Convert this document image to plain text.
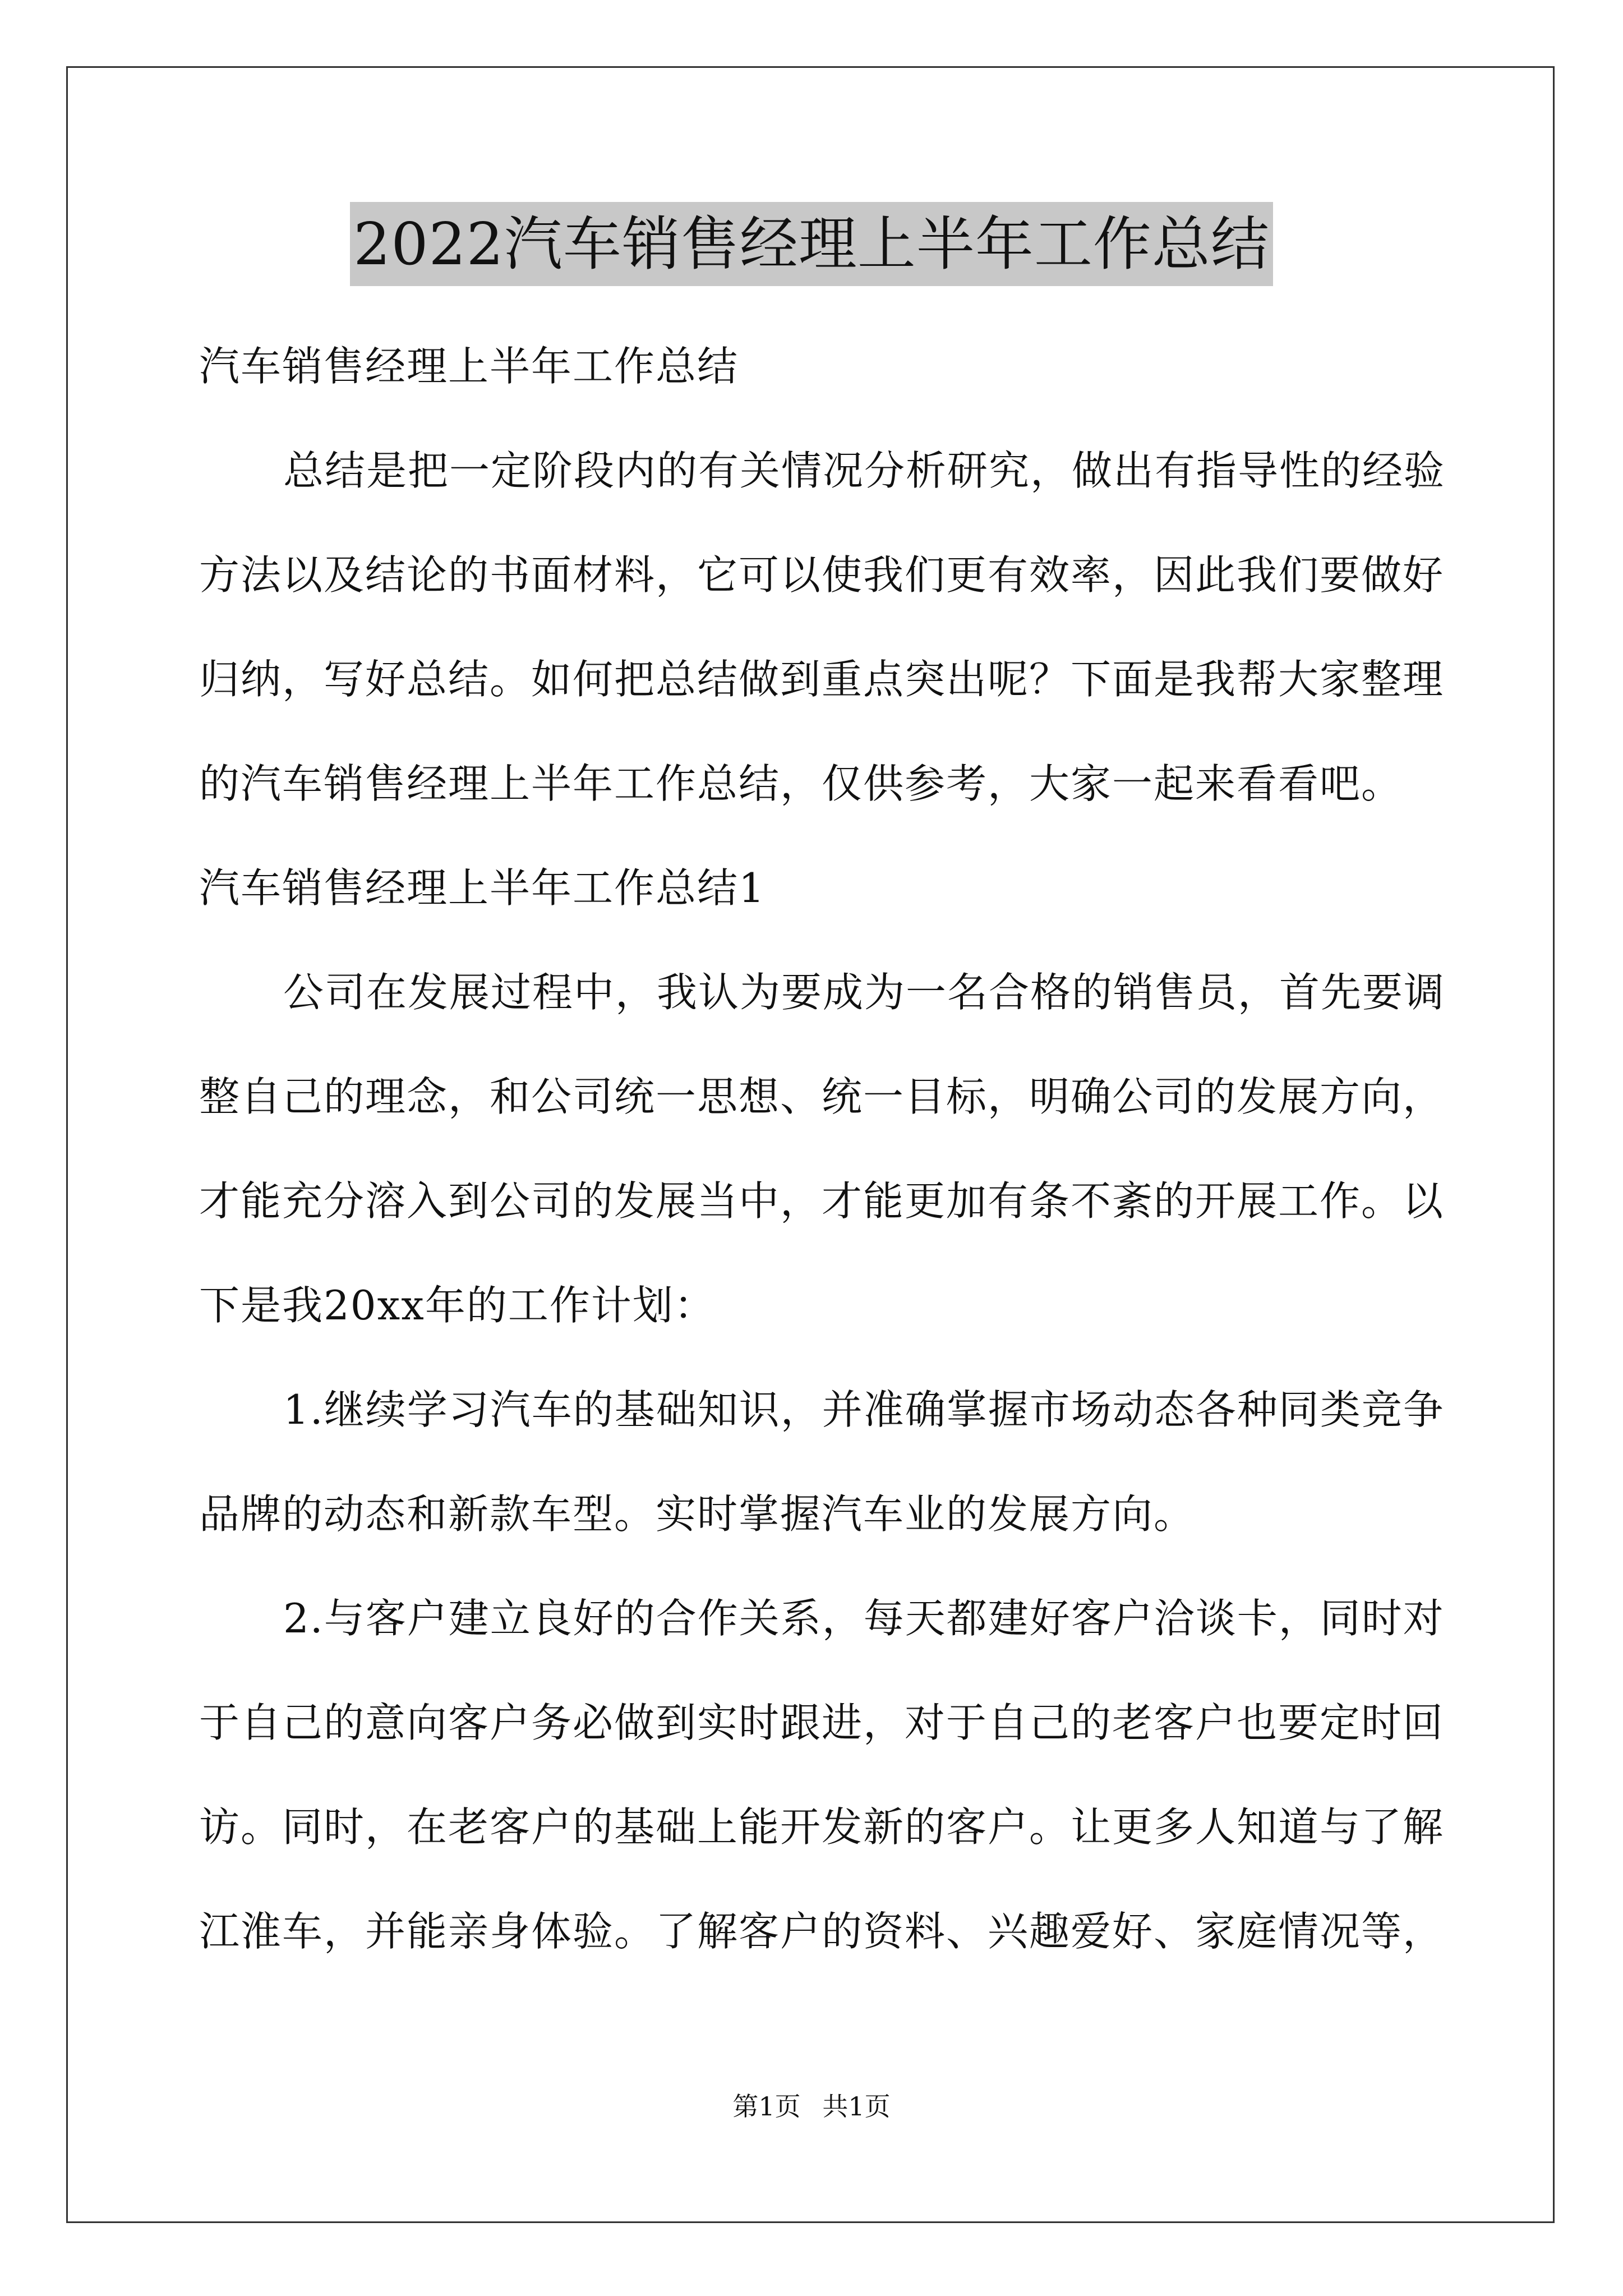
2022汽车销售经理上半年工作总结
汽车销售经理上半年工作总结
总结是把一定阶段内的有关情况分析研究，做出有指导性的经验
方法以及结论的书面材料，它可以使我们更有效率，因此我们要做好
归纳，写好总结。如何把总结做到重点突出呢？下面是我帮大家整理
的汽车销售经理上半年工作总结，仅供参考，大家一起来看看吧。
汽车销售经理上半年工作总结1
公司在发展过程中，我认为要成为一名合格的销售员，首先要调
整自己的理念，和公司统一思想、统一目标，明确公司的发展方向，
才能充分溶入到公司的发展当中，才能更加有条不紊的开展工作。以
下是我20xx年的工作计划：
1.继续学习汽车的基础知识，并准确掌握市场动态各种同类竞争
品牌的动态和新款车型。实时掌握汽车业的发展方向。
2.与客户建立良好的合作关系，每天都建好客户洽谈卡，同时对
于自己的意向客户务必做到实时跟进，对于自己的老客户也要定时回
访。同时，在老客户的基础上能开发新的客户。让更多人知道与了解
江淮车，并能亲身体验。了解客户的资料、兴趣爱好、家庭情况等，
第1页 共1页
